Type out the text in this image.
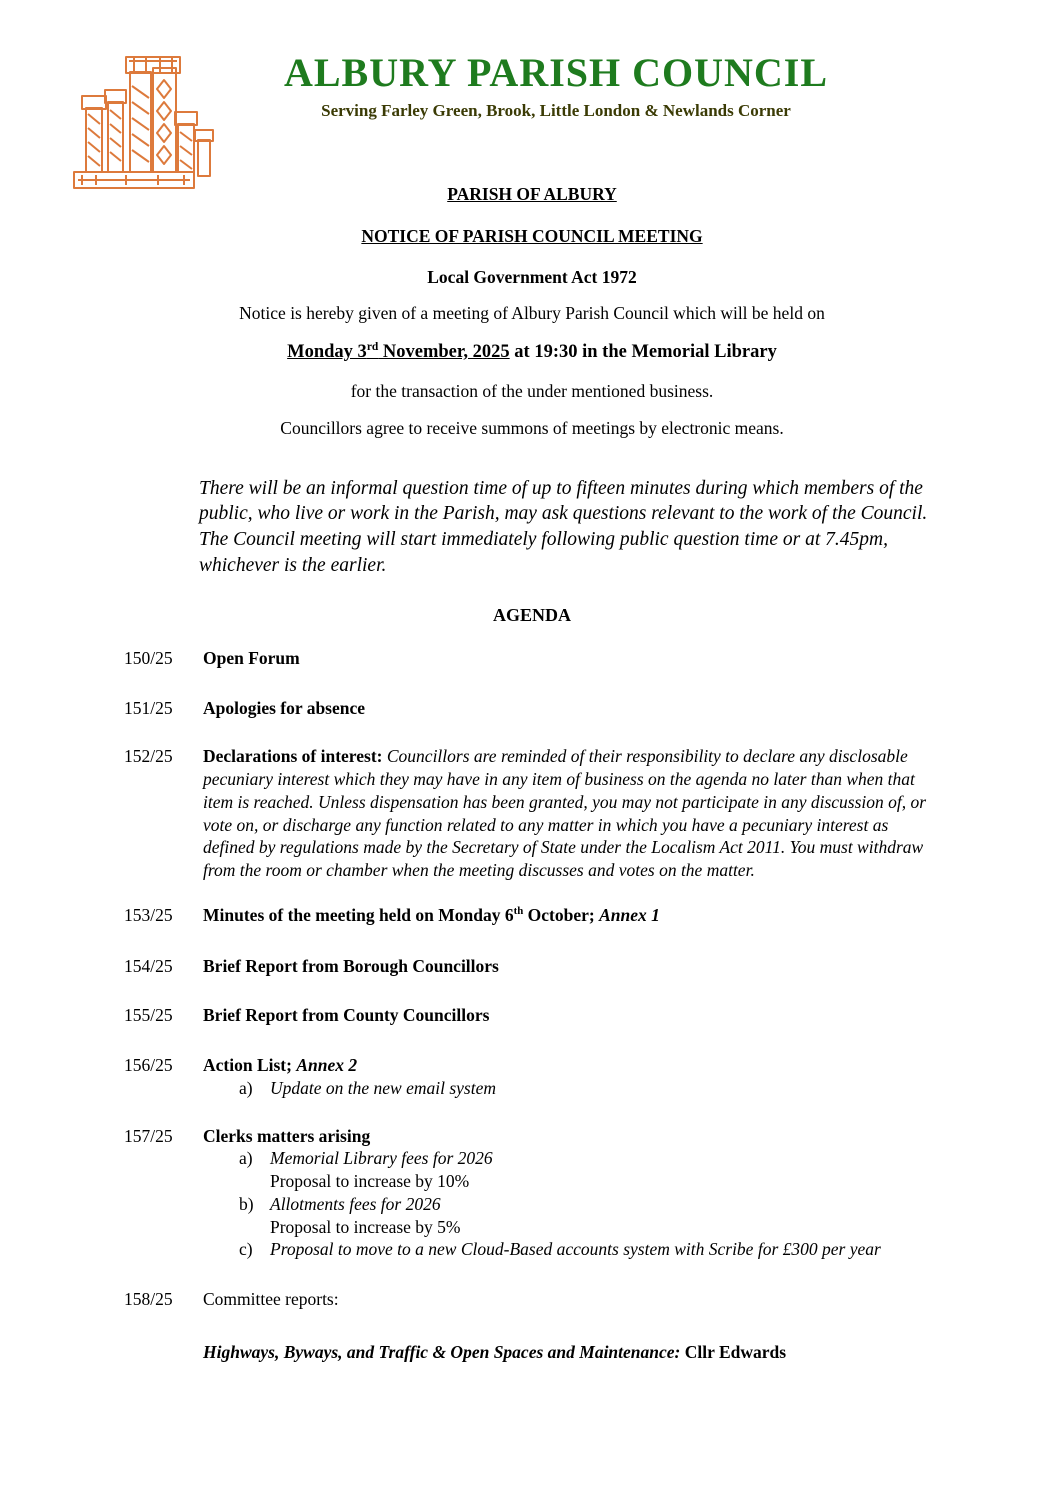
ALBURY PARISH COUNCIL
Serving Farley Green, Brook, Little London & Newlands Corner
PARISH OF ALBURY
NOTICE OF PARISH COUNCIL MEETING
Local Government Act 1972
Notice is hereby given of a meeting of Albury Parish Council which will be held on
Monday 3rd November, 2025 at 19:30 in the Memorial Library
for the transaction of the under mentioned business.
Councillors agree to receive summons of meetings by electronic means.
There will be an informal question time of up to fifteen minutes during which members of the public, who live or work in the Parish, may ask questions relevant to the work of the Council. The Council meeting will start immediately following public question time or at 7.45pm, whichever is the earlier.
AGENDA
150/25	Open Forum
151/25	Apologies for absence
152/25	Declarations of interest: Councillors are reminded of their responsibility to declare any disclosable pecuniary interest which they may have in any item of business on the agenda no later than when that item is reached. Unless dispensation has been granted, you may not participate in any discussion of, or vote on, or discharge any function related to any matter in which you have a pecuniary interest as defined by regulations made by the Secretary of State under the Localism Act 2011. You must withdraw from the room or chamber when the meeting discusses and votes on the matter.
153/25	Minutes of the meeting held on Monday 6th October; Annex 1
154/25	Brief Report from Borough Councillors
155/25	Brief Report from County Councillors
156/25	Action List; Annex 2
a) Update on the new email system
157/25	Clerks matters arising
a) Memorial Library fees for 2026
Proposal to increase by 10%
b) Allotments fees for 2026
Proposal to increase by 5%
c) Proposal to move to a new Cloud-Based accounts system with Scribe for £300 per year
158/25	Committee reports:
Highways, Byways, and Traffic & Open Spaces and Maintenance: Cllr Edwards
